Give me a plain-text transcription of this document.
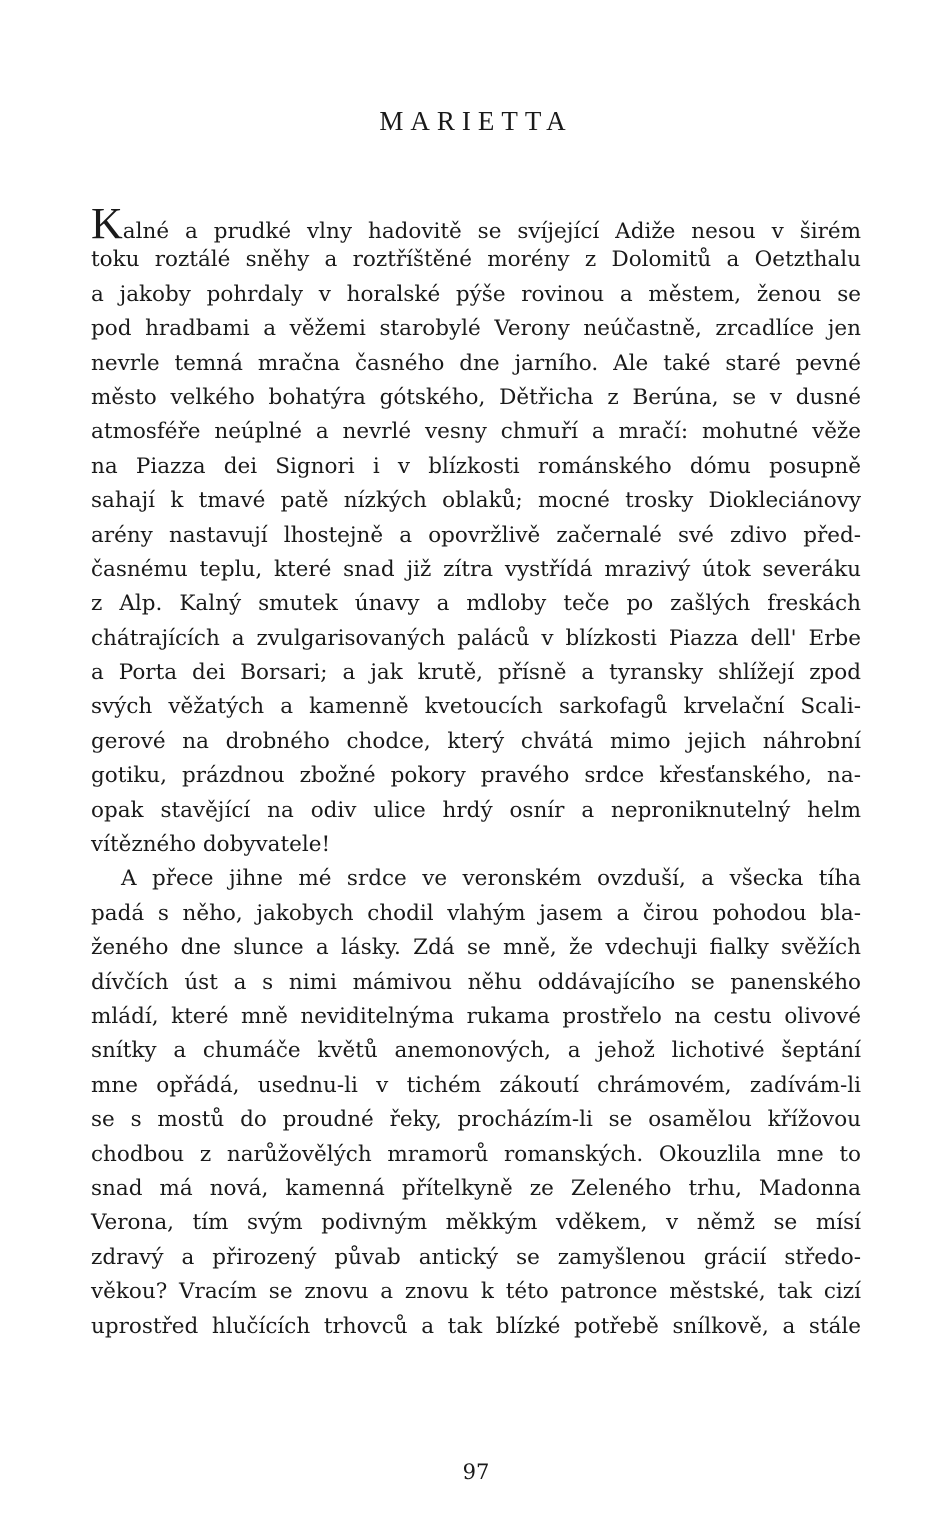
MARIETTA
Kalné a prudké vlny hadovitě se svíjející Adiže nesou v širém
toku roztálé sněhy a roztříštěné morény z Dolomitů a Oetzthalu
a jakoby pohrdaly v horalské pýše rovinou a městem, ženou se
pod hradbami a věžemi starobylé Verony neúčastně, zrcadlíce jen
nevrle temná mračna časného dne jarního. Ale také staré pevné
město velkého bohatýra gótského, Dětřicha z Berúna, se v dusné
atmosféře neúplné a nevrlé vesny chmuří a mračí: mohutné věže
na Piazza dei Signori i v blízkosti románského dómu posupně
sahají k tmavé patě nízkých oblaků; mocné trosky Diokleciánovy
arény nastavují lhostejně a opovržlivě začernalé své zdivo před-
časnému teplu, které snad již zítra vystřídá mrazivý útok severáku
z Alp. Kalný smutek únavy a mdloby teče po zašlých freskách
chátrajících a zvulgarisovaných paláců v blízkosti Piazza dell' Erbe
a Porta dei Borsari; a jak krutě, přísně a tyransky shlížejí zpod
svých věžatých a kamenně kvetoucích sarkofagů krvelační Scali-
gerové na drobného chodce, který chvátá mimo jejich náhrobní
gotiku, prázdnou zbožné pokory pravého srdce křesťanského, na-
opak stavějící na odiv ulice hrdý osnír a neproniknutelný helm
vítězného dobyvatele!
A přece jihne mé srdce ve veronském ovzduší, a všecka tíha
padá s něho, jakobych chodil vlahým jasem a čirou pohodou bla-
ženého dne slunce a lásky. Zdá se mně, že vdechuji fialky svěžích
dívčích úst a s nimi mámivou něhu oddávajícího se panenského
mládí, které mně neviditelnýma rukama prostřelo na cestu olivové
snítky a chumáče květů anemonových, a jehož lichotivé šeptání
mne opřádá, usednu-li v tichém zákoutí chrámovém, zadívám-li
se s mostů do proudné řeky, procházím-li se osamělou křížovou
chodbou z narůžovělých mramorů romanských. Okouzlila mne to
snad má nová, kamenná přítelkyně ze Zeleného trhu, Madonna
Verona, tím svým podivným měkkým vděkem, v němž se mísí
zdravý a přirozený půvab antický se zamyšlenou grácií středo-
věkou? Vracím se znovu a znovu k této patronce městské, tak cizí
uprostřed hlučících trhovců a tak blízké potřebě snílkově, a stále
97
